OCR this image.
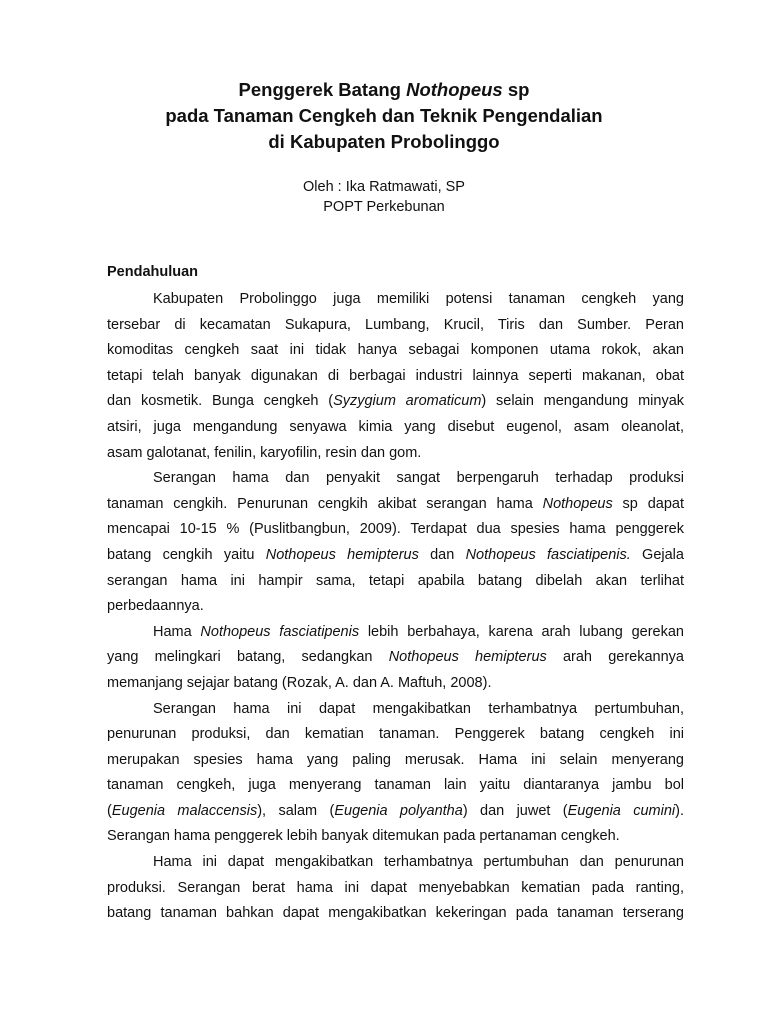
Penggerek Batang Nothopeus sp
pada Tanaman Cengkeh dan Teknik Pengendalian
di Kabupaten Probolinggo
Oleh : Ika Ratmawati, SP
POPT Perkebunan
Pendahuluan
Kabupaten Probolinggo juga memiliki potensi tanaman cengkeh yang
tersebar di kecamatan Sukapura, Lumbang, Krucil, Tiris dan Sumber. Peran
komoditas cengkeh saat ini tidak hanya sebagai komponen utama rokok, akan
tetapi telah banyak digunakan di berbagai industri lainnya seperti makanan, obat
dan kosmetik. Bunga cengkeh (Syzygium aromaticum) selain mengandung minyak
atsiri, juga mengandung senyawa kimia yang disebut eugenol, asam oleanolat,
asam galotanat, fenilin, karyofilin, resin dan gom.
Serangan hama dan penyakit sangat berpengaruh terhadap produksi
tanaman cengkih. Penurunan cengkih akibat serangan hama Nothopeus sp dapat
mencapai 10-15 % (Puslitbangbun, 2009). Terdapat dua spesies hama penggerek
batang cengkih yaitu Nothopeus hemipterus dan Nothopeus fasciatipenis. Gejala
serangan hama ini hampir sama, tetapi apabila batang dibelah akan terlihat
perbedaannya.
Hama Nothopeus fasciatipenis lebih berbahaya, karena arah lubang gerekan
yang melingkari batang, sedangkan Nothopeus hemipterus arah gerekannya
memanjang sejajar batang (Rozak, A. dan A. Maftuh, 2008).
Serangan hama ini dapat mengakibatkan terhambatnya pertumbuhan,
penurunan produksi, dan kematian tanaman. Penggerek batang cengkeh ini
merupakan spesies hama yang paling merusak. Hama ini selain menyerang
tanaman cengkeh, juga menyerang tanaman lain yaitu diantaranya jambu bol
(Eugenia malaccensis), salam (Eugenia polyantha) dan juwet (Eugenia cumini).
Serangan hama penggerek lebih banyak ditemukan pada pertanaman cengkeh.
Hama ini dapat mengakibatkan terhambatnya pertumbuhan dan penurunan
produksi. Serangan berat hama ini dapat menyebabkan kematian pada ranting,
batang tanaman bahkan dapat mengakibatkan kekeringan pada tanaman terserang
